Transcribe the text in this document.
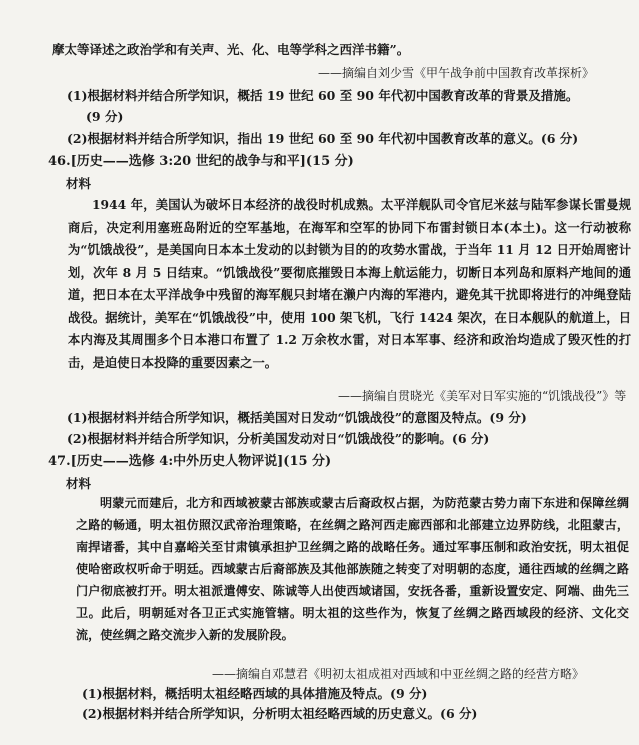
摩太等译述之政治学和有关声、光、化、电等学科之西洋书籍”。
——摘编自刘少雪《甲午战争前中国教育改革探析》
(1)根据材料并结合所学知识，概括 19 世纪 60 至 90 年代初中国教育改革的背景及措施。
(9 分)
(2)根据材料并结合所学知识，指出 19 世纪 60 至 90 年代初中国教育改革的意义。(6 分)
46.[历史——选修 3:20 世纪的战争与和平](15 分)
材料
1944 年，美国认为破坏日本经济的战役时机成熟。太平洋舰队司令官尼米兹与陆军参谋长雷曼规商后，决定利用塞班岛附近的空军基地，在海军和空军的协同下布雷封锁日本(本土)。这一行动被称为“饥饿战役”，是美国向日本本土发动的以封锁为目的的攻势水雷战，于当年 11 月 12 日开始周密计划，次年 8 月 5 日结束。“饥饿战役”要彻底摧毁日本海上航运能力，切断日本列岛和原料产地间的通道，把日本在太平洋战争中残留的海军舰只封堵在濑户内海的军港内，避免其干扰即将进行的冲绳登陆战役。据统计，美军在“饥饿战役”中，使用 100 架飞机，飞行 1424 架次，在日本舰队的航道上，日本内海及其周围多个日本港口布置了 1.2 万余枚水雷，对日本军事、经济和政治均造成了毁灭性的打击，是迫使日本投降的重要因素之一。
——摘编自贯晓光《美军对日军实施的“饥饿战役”》等
(1)根据材料并结合所学知识，概括美国对日发动“饥饿战役”的意图及特点。(9 分)
(2)根据材料并结合所学知识，分析美国发动对日“饥饿战役”的影响。(6 分)
47.[历史——选修 4:中外历史人物评说](15 分)
材料
明蒙元而建后，北方和西域被蒙古部族或蒙古后裔政权占据，为防范蒙古势力南下东进和保障丝绸之路的畅通，明太祖仿照汉武帝治理策略，在丝绸之路河西走廊西部和北部建立边界防线，北阻蒙古，南捍诸番，其中自嘉峪关至甘肃镇承担护卫丝绸之路的战略任务。通过军事压制和政治安抚，明太祖促使哈密政权听命于明廷。西域蒙古后裔部族及其他部族随之转变了对明朝的态度，通往西域的丝绸之路门户彻底被打开。明太祖派遣傅安、陈诚等人出使西域诸国，安抚各番，重新设置安定、阿端、曲先三卫。此后，明朝延对各卫正式实施管辖。明太祖的这些作为，恢复了丝绸之路西域段的经济、文化交流，使丝绸之路交流步入新的发展阶段。
——摘编自邓慧君《明初太祖成祖对西域和中亚丝绸之路的经营方略》
(1)根据材料，概括明太祖经略西域的具体措施及特点。(9 分)
(2)根据材料并结合所学知识，分析明太祖经略西域的历史意义。(6 分)
